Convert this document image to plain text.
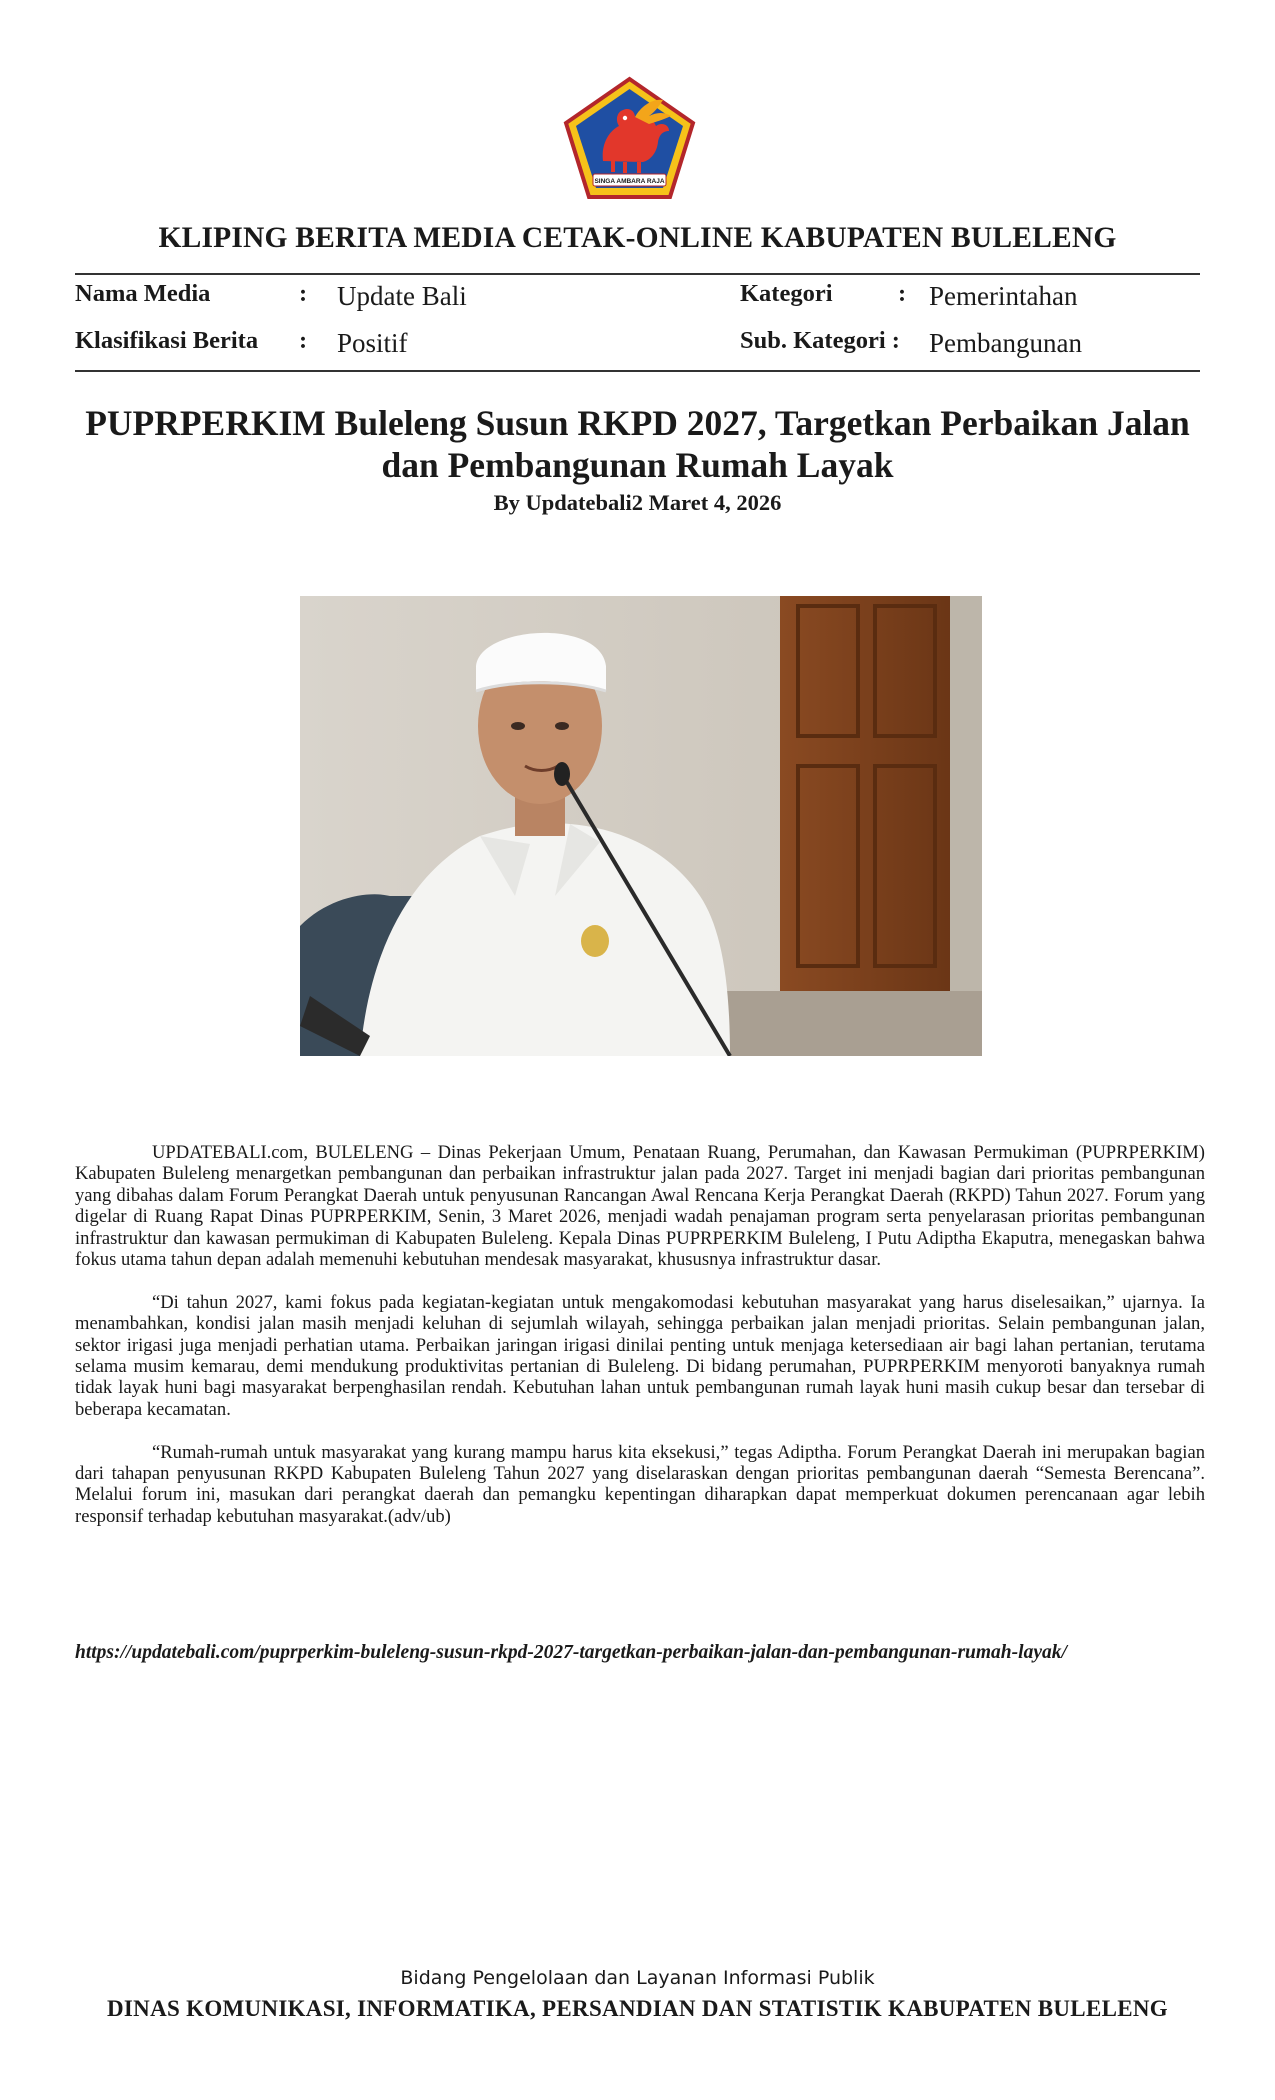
SINGA AMBARA RAJA
KLIPING BERITA MEDIA CETAK-ONLINE KABUPATEN BULELENG
Nama Media	: Update Bali	Kategori	: Pemerintahan
Klasifikasi Berita : Positif	Sub. Kategori : Pembangunan
PUPRPERKIM Buleleng Susun RKPD 2027, Targetkan Perbaikan Jalan
dan Pembangunan Rumah Layak
By Updatebali2 Maret 4, 2026

UPDATEBALI.com, BULELENG – Dinas Pekerjaan Umum, Penataan Ruang, Perumahan, dan Kawasan Permukiman (PUPRPERKIM) Kabupaten Buleleng menargetkan pembangunan dan perbaikan infrastruktur jalan pada 2027. Target ini menjadi bagian dari prioritas pembangunan yang dibahas dalam Forum Perangkat Daerah untuk penyusunan Rancangan Awal Rencana Kerja Perangkat Daerah (RKPD) Tahun 2027. Forum yang digelar di Ruang Rapat Dinas PUPRPERKIM, Senin, 3 Maret 2026, menjadi wadah penajaman program serta penyelarasan prioritas pembangunan infrastruktur dan kawasan permukiman di Kabupaten Buleleng. Kepala Dinas PUPRPERKIM Buleleng, I Putu Adiptha Ekaputra, menegaskan bahwa fokus utama tahun depan adalah memenuhi kebutuhan mendesak masyarakat, khususnya infrastruktur dasar.

“Di tahun 2027, kami fokus pada kegiatan-kegiatan untuk mengakomodasi kebutuhan masyarakat yang harus diselesaikan,” ujarnya. Ia menambahkan, kondisi jalan masih menjadi keluhan di sejumlah wilayah, sehingga perbaikan jalan menjadi prioritas. Selain pembangunan jalan, sektor irigasi juga menjadi perhatian utama. Perbaikan jaringan irigasi dinilai penting untuk menjaga ketersediaan air bagi lahan pertanian, terutama selama musim kemarau, demi mendukung produktivitas pertanian di Buleleng. Di bidang perumahan, PUPRPERKIM menyoroti banyaknya rumah tidak layak huni bagi masyarakat berpenghasilan rendah. Kebutuhan lahan untuk pembangunan rumah layak huni masih cukup besar dan tersebar di beberapa kecamatan.

“Rumah-rumah untuk masyarakat yang kurang mampu harus kita eksekusi,” tegas Adiptha. Forum Perangkat Daerah ini merupakan bagian dari tahapan penyusunan RKPD Kabupaten Buleleng Tahun 2027 yang diselaraskan dengan prioritas pembangunan daerah “Semesta Berencana”. Melalui forum ini, masukan dari perangkat daerah dan pemangku kepentingan diharapkan dapat memperkuat dokumen perencanaan agar lebih responsif terhadap kebutuhan masyarakat.(adv/ub)

https://updatebali.com/puprperkim-buleleng-susun-rkpd-2027-targetkan-perbaikan-jalan-dan-pembangunan-rumah-layak/
Bidang Pengelolaan dan Layanan Informasi Publik
DINAS KOMUNIKASI, INFORMATIKA, PERSANDIAN DAN STATISTIK KABUPATEN BULELENG
